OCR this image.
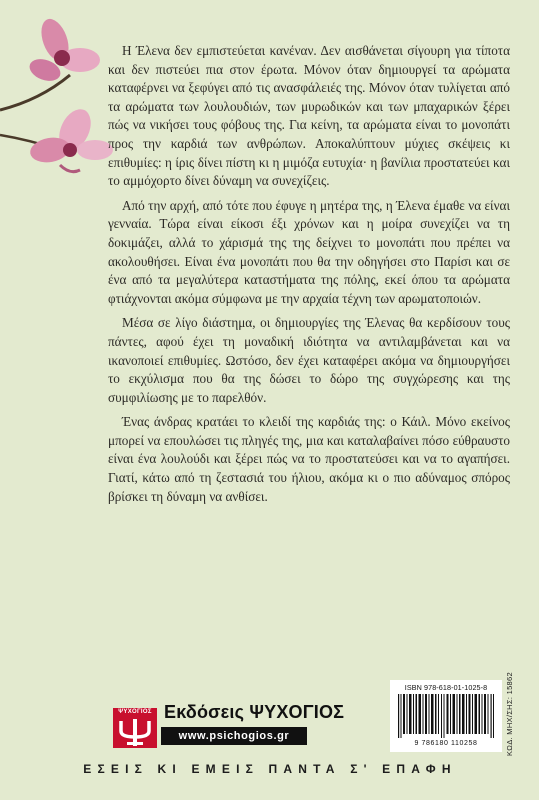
Η Έλενα δεν εμπιστεύεται κανέναν. Δεν αισθάνεται σίγουρη για τίποτα και δεν πιστεύει πια στον έρωτα. Μόνον όταν δημιουργεί τα αρώματα καταφέρνει να ξεφύγει από τις ανασφάλειές της. Μόνον όταν τυλίγεται από τα αρώματα των λουλουδιών, των μυρωδικών και των μπαχαρικών ξέρει πώς να νικήσει τους φόβους της. Για κείνη, τα αρώματα είναι το μονοπάτι προς την καρδιά των ανθρώπων. Αποκαλύπτουν μύχιες σκέψεις κι επιθυμίες: η ίρις δίνει πίστη κι η μιμόζα ευτυχία· η βανίλια προστατεύει και το αμμόχορτο δίνει δύναμη να συνεχίζεις.

Από την αρχή, από τότε που έφυγε η μητέρα της, η Έλενα έμαθε να είναι γενναία. Τώρα είναι είκοσι έξι χρόνων και η μοίρα συνεχίζει να τη δοκιμάζει, αλλά το χάρισμά της της δείχνει το μονοπάτι που πρέπει να ακολουθήσει. Είναι ένα μονοπάτι που θα την οδηγήσει στο Παρίσι και σε ένα από τα μεγαλύτερα καταστήματα της πόλης, εκεί όπου τα αρώματα φτιάχνονται ακόμα σύμφωνα με την αρχαία τέχνη των αρωματοποιών.

Μέσα σε λίγο διάστημα, οι δημιουργίες της Έλενας θα κερδίσουν τους πάντες, αφού έχει τη μοναδική ιδιότητα να αντιλαμβάνεται και να ικανοποιεί επιθυμίες. Ωστόσο, δεν έχει καταφέρει ακόμα να δημιουργήσει το εκχύλισμα που θα της δώσει το δώρο της συγχώρεσης και της συμφιλίωσης με το παρελθόν.

Ένας άνδρας κρατάει το κλειδί της καρδιάς της: ο Κάιλ. Μόνο εκείνος μπορεί να επουλώσει τις πληγές της, μια και καταλαβαίνει πόσο εύθραυστο είναι ένα λουλούδι και ξέρει πώς να το προστατεύσει και να το αγαπήσει. Γιατί, κάτω από τη ζεστασιά του ήλιου, ακόμα κι ο πιο αδύναμος σπόρος βρίσκει τη δύναμη να ανθίσει.

ISBN 978-618-01-1025-8
9 786180 110258	ΚΩΔ. ΜΗΧ/ΣΗΣ: 15862
ΨΥΧΟΓΙΟΣ Εκδόσεις ΨΥΧΟΓΙΟΣ
www.psichogios.gr
ΕΣΕΙΣ ΚΙ ΕΜΕΙΣ ΠΑΝΤΑ Σ' ΕΠΑΦΗ
